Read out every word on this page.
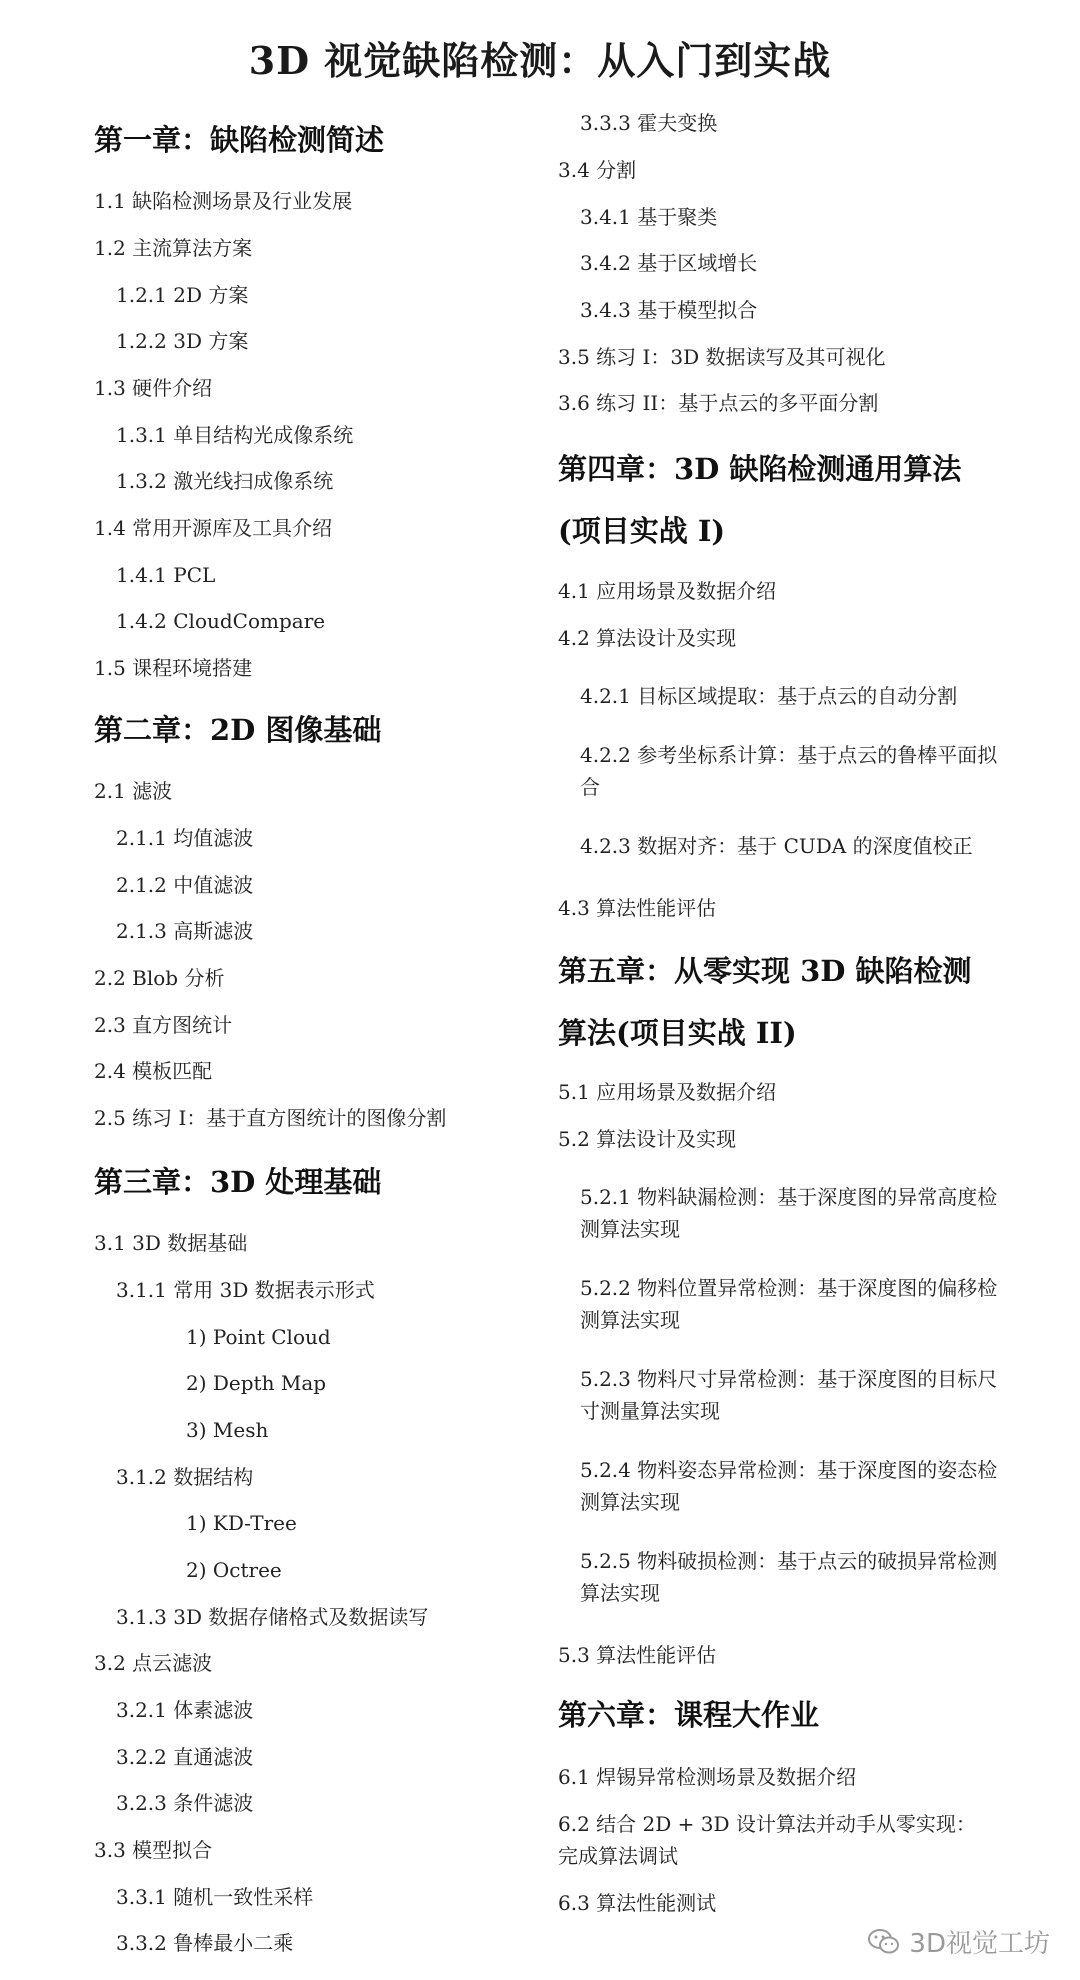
3D 视觉缺陷检测：从入门到实战
第一章：缺陷检测简述
1.1 缺陷检测场景及行业发展
1.2 主流算法方案
1.2.1 2D 方案
1.2.2 3D 方案
1.3 硬件介绍
1.3.1 单目结构光成像系统
1.3.2 激光线扫成像系统
1.4 常用开源库及工具介绍
1.4.1 PCL
1.4.2 CloudCompare
1.5 课程环境搭建
第二章：2D 图像基础
2.1 滤波
2.1.1 均值滤波
2.1.2 中值滤波
2.1.3 高斯滤波
2.2 Blob 分析
2.3 直方图统计
2.4 模板匹配
2.5 练习 I：基于直方图统计的图像分割
第三章：3D 处理基础
3.1 3D 数据基础
3.1.1 常用 3D 数据表示形式
1) Point Cloud
2) Depth Map
3) Mesh
3.1.2 数据结构
1) KD-Tree
2) Octree
3.1.3 3D 数据存储格式及数据读写
3.2 点云滤波
3.2.1 体素滤波
3.2.2 直通滤波
3.2.3 条件滤波
3.3 模型拟合
3.3.1 随机一致性采样
3.3.2 鲁棒最小二乘
3.3.3 霍夫变换
3.4 分割
3.4.1 基于聚类
3.4.2 基于区域增长
3.4.3 基于模型拟合
3.5 练习 I：3D 数据读写及其可视化
3.6 练习 II：基于点云的多平面分割
第四章：3D 缺陷检测通用算法 (项目实战 I)
4.1 应用场景及数据介绍
4.2 算法设计及实现
4.2.1 目标区域提取：基于点云的自动分割
4.2.2 参考坐标系计算：基于点云的鲁棒平面拟合
4.2.3 数据对齐：基于 CUDA 的深度值校正
4.3 算法性能评估
第五章：从零实现 3D 缺陷检测算法(项目实战 II)
5.1 应用场景及数据介绍
5.2 算法设计及实现
5.2.1 物料缺漏检测：基于深度图的异常高度检测算法实现
5.2.2 物料位置异常检测：基于深度图的偏移检测算法实现
5.2.3 物料尺寸异常检测：基于深度图的目标尺寸测量算法实现
5.2.4 物料姿态异常检测：基于深度图的姿态检测算法实现
5.2.5 物料破损检测：基于点云的破损异常检测算法实现
5.3 算法性能评估
第六章：课程大作业
6.1 焊锡异常检测场景及数据介绍
6.2 结合 2D + 3D 设计算法并动手从零实现：完成算法调试
6.3 算法性能测试
3D视觉工坊
